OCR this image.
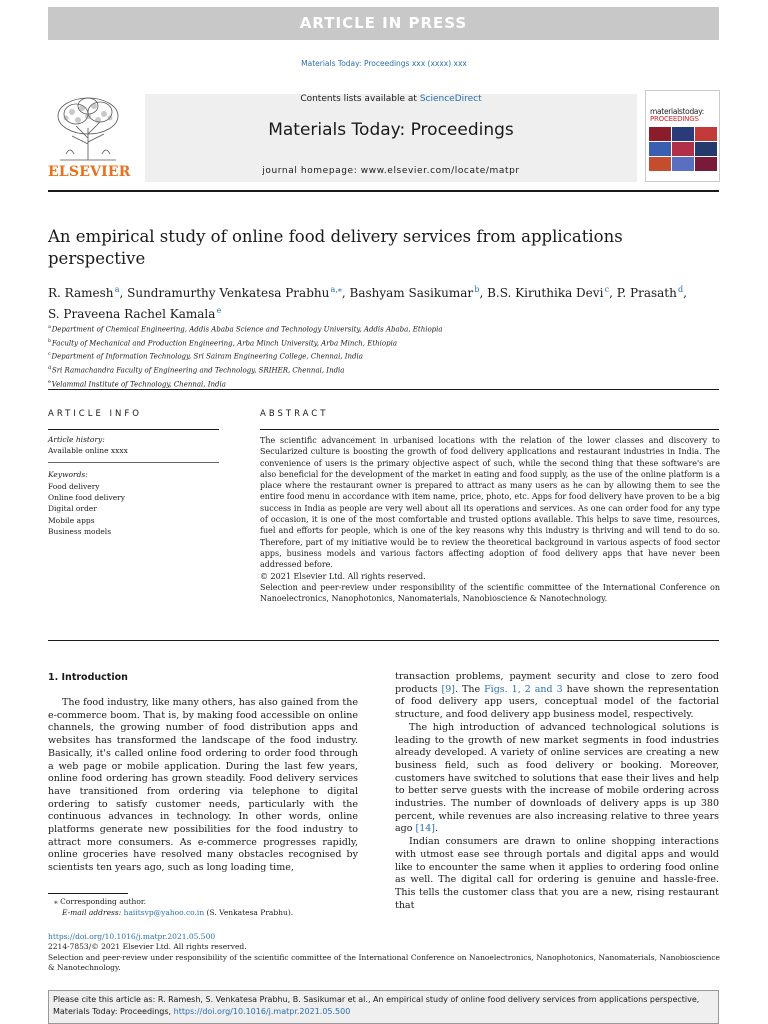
ARTICLE IN PRESS
Materials Today: Proceedings xxx (xxxx) xxx
ELSEVIER
Contents lists available at ScienceDirect
Materials Today: Proceedings
journal homepage: www.elsevier.com/locate/matpr
materialstoday:
PROCEEDINGS
An empirical study of online food delivery services from applications
perspective
R. Ramesh $^a$, Sundramurthy Venkatesa Prabhu $^{a,⁎}$, Bashyam Sasikumar $^b$, B.S. Kiruthika Devi $^c$, P. Prasath $^d$,
S. Praveena Rachel Kamala $^e$
$^a$ Department of Chemical Engineering, Addis Ababa Science and Technology University, Addis Ababa, Ethiopia
$^b$ Faculty of Mechanical and Production Engineering, Arba Minch University, Arba Minch, Ethiopia
$^c$ Department of Information Technology, Sri Sairam Engineering College, Chennai, India
$^d$ Sri Ramachandra Faculty of Engineering and Technology, SRIHER, Chennai, India
$^e$ Velammal Institute of Technology, Chennai, India
ARTICLE INFO	ABSTRACT
Article history:
Available online xxxx
Keywords:
Food delivery
Online food delivery
Digital order
Mobile apps
Business models

The scientific advancement in urbanised locations with the relation of the lower classes and discovery to Secularized culture is boosting the growth of food delivery applications and restaurant industries in India. The convenience of users is the primary objective aspect of such, while the second thing that these software's are also beneficial for the development of the market in eating and food supply, as the use of the online platform is a place where the restaurant owner is prepared to attract as many users as he can by allowing them to see the entire food menu in accordance with item name, price, photo, etc. Apps for food delivery have proven to be a big success in India as people are very well about all its operations and services. As one can order food for any type of occasion, it is one of the most comfortable and trusted options available. This helps to save time, resources, fuel and efforts for people, which is one of the key reasons why this industry is thriving and will tend to do so. Therefore, part of my initiative would be to review the theoretical background in various aspects of food sector apps, business models and various factors affecting adoption of food delivery apps that have never been addressed before.

© 2021 Elsevier Ltd. All rights reserved.

Selection and peer-review under responsibility of the scientific committee of the International Conference on Nanoelectronics, Nanophotonics, Nanomaterials, Nanobioscience & Nanotechnology.

1. Introduction

The food industry, like many others, has also gained from the e-commerce boom. That is, by making food accessible on online channels, the growing number of food distribution apps and websites has transformed the landscape of the food industry. Basically, it's called online food ordering to order food through a web page or mobile application. During the last few years, online food ordering has grown steadily. Food delivery services have transitioned from ordering via telephone to digital ordering to satisfy customer needs, particularly with the continuous advances in technology. In other words, online platforms generate new possibilities for the food industry to attract more consumers. As e-commerce progresses rapidly, online groceries have resolved many obstacles recognised by scientists ten years ago, such as long loading time,

transaction problems, payment security and close to zero food products [9]. The Figs. 1, 2 and 3 have shown the representation of food delivery app users, conceptual model of the factorial structure, and food delivery app business model, respectively.

The high introduction of advanced technological solutions is leading to the growth of new market segments in food industries already developed. A variety of online services are creating a new business field, such as food delivery or booking. Moreover, customers have switched to solutions that ease their lives and help to better serve guests with the increase of mobile ordering across industries. The number of downloads of delivery apps is up 380 percent, while revenues are also increasing relative to three years ago [14].

Indian consumers are drawn to online shopping interactions with utmost ease see through portals and digital apps and would like to encounter the same when it applies to ordering food online as well. The digital call for ordering is genuine and hassle-free. This tells the customer class that you are a new, rising restaurant that

⁎ Corresponding author.
E-mail address: haiitsvp@yahoo.co.in (S. Venkatesa Prabhu).
https://doi.org/10.1016/j.matpr.2021.05.500
2214-7853/© 2021 Elsevier Ltd. All rights reserved.
Selection and peer-review under responsibility of the scientific committee of the International Conference on Nanoelectronics, Nanophotonics, Nanomaterials, Nanobioscience & Nanotechnology.
Please cite this article as: R. Ramesh, S. Venkatesa Prabhu, B. Sasikumar et al., An empirical study of online food delivery services from applications perspective, Materials Today: Proceedings, https://doi.org/10.1016/j.matpr.2021.05.500
